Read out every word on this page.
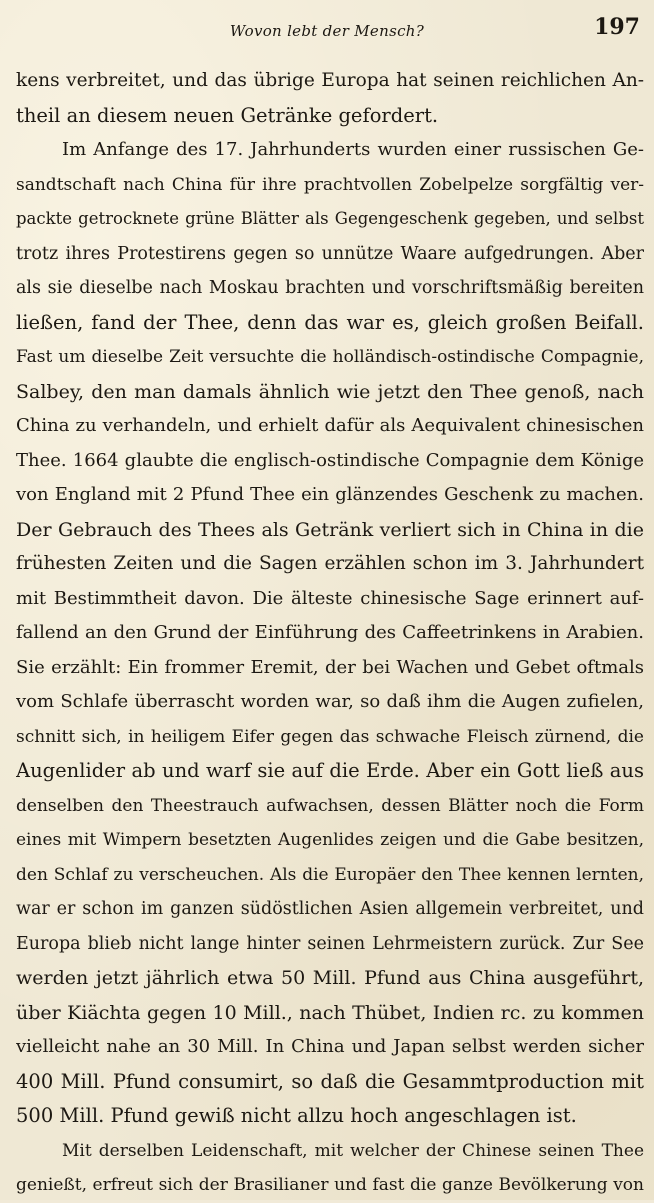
Wovon lebt der Mensch?	197
kens verbreitet, und das übrige Europa hat seinen reichlichen An-
theil an diesem neuen Getränke gefordert.
Im Anfange des 17. Jahrhunderts wurden einer russischen Ge-
sandtschaft nach China für ihre prachtvollen Zobelpelze sorgfältig ver-
packte getrocknete grüne Blätter als Gegengeschenk gegeben, und selbst
trotz ihres Protestirens gegen so unnütze Waare aufgedrungen. Aber
als sie dieselbe nach Moskau brachten und vorschriftsmäßig bereiten
ließen, fand der Thee, denn das war es, gleich großen Beifall.
Fast um dieselbe Zeit versuchte die holländisch-ostindische Compagnie,
Salbey, den man damals ähnlich wie jetzt den Thee genoß, nach
China zu verhandeln, und erhielt dafür als Aequivalent chinesischen
Thee. 1664 glaubte die englisch-ostindische Compagnie dem Könige
von England mit 2 Pfund Thee ein glänzendes Geschenk zu machen.
Der Gebrauch des Thees als Getränk verliert sich in China in die
frühesten Zeiten und die Sagen erzählen schon im 3. Jahrhundert
mit Bestimmtheit davon. Die älteste chinesische Sage erinnert auf-
fallend an den Grund der Einführung des Caffeetrinkens in Arabien.
Sie erzählt: Ein frommer Eremit, der bei Wachen und Gebet oftmals
vom Schlafe überrascht worden war, so daß ihm die Augen zufielen,
schnitt sich, in heiligem Eifer gegen das schwache Fleisch zürnend, die
Augenlider ab und warf sie auf die Erde. Aber ein Gott ließ aus
denselben den Theestrauch aufwachsen, dessen Blätter noch die Form
eines mit Wimpern besetzten Augenlides zeigen und die Gabe besitzen,
den Schlaf zu verscheuchen. Als die Europäer den Thee kennen lernten,
war er schon im ganzen südöstlichen Asien allgemein verbreitet, und
Europa blieb nicht lange hinter seinen Lehrmeistern zurück. Zur See
werden jetzt jährlich etwa 50 Mill. Pfund aus China ausgeführt,
über Kiächta gegen 10 Mill., nach Thübet, Indien rc. zu kommen
vielleicht nahe an 30 Mill. In China und Japan selbst werden sicher
400 Mill. Pfund consumirt, so daß die Gesammtproduction mit
500 Mill. Pfund gewiß nicht allzu hoch angeschlagen ist.
Mit derselben Leidenschaft, mit welcher der Chinese seinen Thee
genießt, erfreut sich der Brasilianer und fast die ganze Bevölkerung von
